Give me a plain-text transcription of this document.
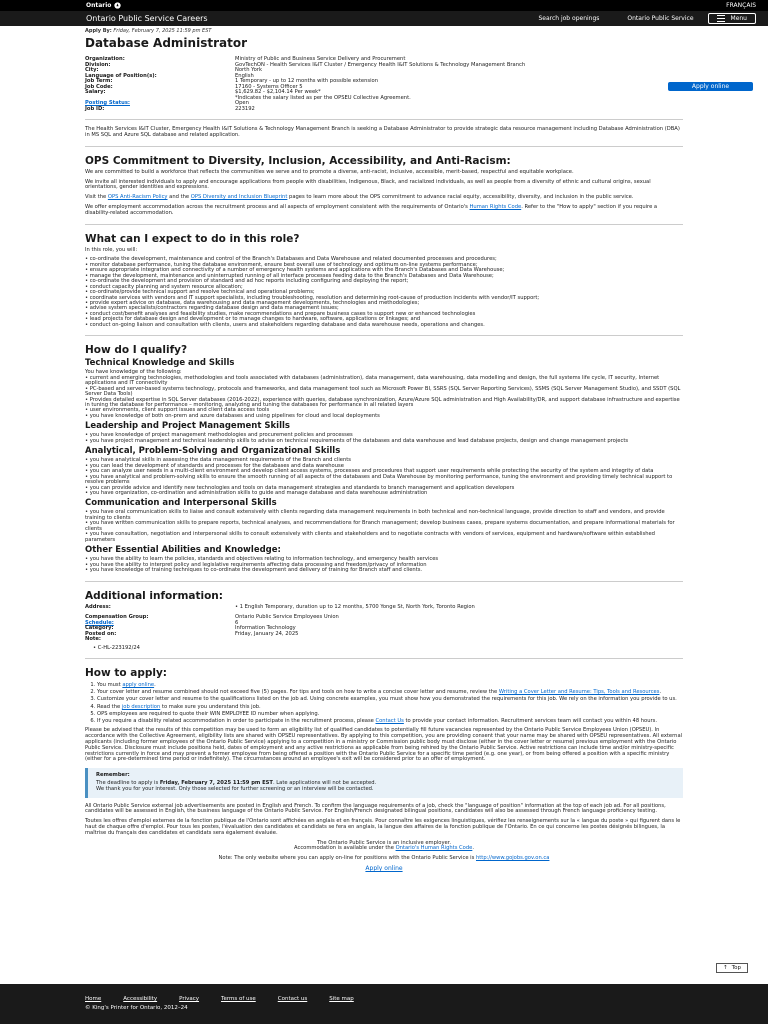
Ontario	FRANÇAIS
Ontario Public Service Careers	Search job openings	Ontario Public Service	Menu
Apply By: Friday, February 7, 2025 11:59 pm EST
Database Administrator
Organization:	Ministry of Public and Business Service Delivery and Procurement
Division:	GovTechON - Health Services I&IT Cluster / Emergency Health I&IT Solutions & Technology Management Branch
City:	North York
Language of Position(s):	English
Job Term:	1 Temporary - up to 12 months with possible extension
Job Code:	17160 - Systems Officer 5
Salary:	$1,629.82 - $2,104.14 Per week*
*Indicates the salary listed as per the OPSEU Collective Agreement.
Posting Status:	Open
Job ID:	223192

The Health Services I&IT Cluster, Emergency Health I&IT Solutions & Technology Management Branch is seeking a Database Administrator to provide strategic data resource management including Database Administration (DBA) in MS SQL and Azure SQL database and related application.

OPS Commitment to Diversity, Inclusion, Accessibility, and Anti-Racism:

We are committed to build a workforce that reflects the communities we serve and to promote a diverse, anti-racist, inclusive, accessible, merit-based, respectful and equitable workplace.

We invite all interested individuals to apply and encourage applications from people with disabilities, Indigenous, Black, and racialized individuals, as well as people from a diversity of ethnic and cultural origins, sexual orientations, gender identities and expressions.

Visit the OPS Anti-Racism Policy and the OPS Diversity and Inclusion Blueprint pages to learn more about the OPS commitment to advance racial equity, accessibility, diversity, and inclusion in the public service.

We offer employment accommodation across the recruitment process and all aspects of employment consistent with the requirements of Ontario's Human Rights Code. Refer to the "How to apply" section if you require a disability-related accommodation.

What can I expect to do in this role?

In this role, you will:

• co-ordinate the development, maintenance and control of the Branch's Databases and Data Warehouse and related documented processes and procedures;
• monitor database performance, tuning the database environment, ensure best overall use of technology and optimum on-line systems performance;
• ensure appropriate integration and connectivity of a number of emergency health systems and applications with the Branch's Databases and Data Warehouse;
• manage the development, maintenance and uninterrupted running of all interface processes feeding data to the Branch's Databases and Data Warehouse;
• co-ordinate the development and provision of standard and ad hoc reports including configuring and deploying the report;
• conduct capacity planning and system resource allocation;
• co-ordinate/provide technical support and resolve technical and operational problems;
• coordinate services with vendors and IT support specialists, including troubleshooting, resolution and determining root-cause of production incidents with vendor/IT support;
• provide expert advice on database, data warehousing and data management developments, technologies and methodologies;
• advise system specialists/contractors regarding database design and data management issues;
• conduct cost/benefit analyses and feasibility studies, make recommendations and prepare business cases to support new or enhanced technologies
• lead projects for database design and development or to manage changes to hardware, software, applications or linkages; and
• conduct on-going liaison and consultation with clients, users and stakeholders regarding database and data warehouse needs, operations and changes.
How do I qualify?
Technical Knowledge and Skills
You have knowledge of the following:
• current and emerging technologies, methodologies and tools associated with databases (administration), data management, data warehousing, data modelling and design, the full systems life cycle, IT security, Internet applications and IT connectivity
• PC-based and server-based systems technology, protocols and frameworks, and data management tool such as Microsoft Power BI, SSRS (SQL Server Reporting Services), SSMS (SQL Server Management Studio), and SSDT (SQL Server Data Tools)
• Provides detailed expertise in SQL Server databases (2016-2022), experience with queries, database synchronization, Azure/Azure SQL administration and High Availability/DR, and support database infrastructure and expertise in tuning the database for performance – monitoring, analyzing and tuning the databases for performance in all related layers
• user environments, client support issues and client data access tools
• you have knowledge of both on-prem and azure databases and using pipelines for cloud and local deployments
Leadership and Project Management Skills
• you have knowledge of project management methodologies and procurement policies and processes
• you have project management and technical leadership skills to advise on technical requirements of the databases and data warehouse and lead database projects, design and change management projects
Analytical, Problem-Solving and Organizational Skills
• you have analytical skills in assessing the data management requirements of the Branch and clients
• you can lead the development of standards and processes for the databases and data warehouse
• you can analyze user needs in a multi-client environment and develop client access systems, processes and procedures that support user requirements while protecting the security of the system and integrity of data
• you have analytical and problem-solving skills to ensure the smooth running of all aspects of the databases and Data Warehouse by monitoring performance, tuning the environment and providing timely technical support to resolve problems
• you can provide advice and identify new technologies and tools on data management strategies and standards to branch management and application developers
• you have organization, co-ordination and administration skills to guide and manage database and data warehouse administration
Communication and Interpersonal Skills
• you have oral communication skills to liaise and consult extensively with clients regarding data management requirements in both technical and non-technical language, provide direction to staff and vendors, and provide training to clients
• you have written communication skills to prepare reports, technical analyses, and recommendations for Branch management; develop business cases, prepare systems documentation, and prepare informational materials for clients
• you have consultation, negotiation and interpersonal skills to consult extensively with clients and stakeholders and to negotiate contracts with vendors of services, equipment and hardware/software within established parameters
Other Essential Abilities and Knowledge:
• you have the ability to learn the policies, standards and objectives relating to information technology, and emergency health services
• you have the ability to interpret policy and legislative requirements affecting data processing and freedom/privacy of information
• you have knowledge of training techniques to co-ordinate the development and delivery of training for Branch staff and clients.
Additional information:
Address:	• 1 English Temporary, duration up to 12 months, 5700 Yonge St, North York, Toronto Region
Compensation Group:	Ontario Public Service Employees Union
Schedule:	6
Category:	Information Technology
Posted on:	Friday, January 24, 2025
Note:
• C-HL-223192/24
How to apply:
1. You must apply online.
2. Your cover letter and resume combined should not exceed five (5) pages. For tips and tools on how to write a concise cover letter and resume, review the Writing a Cover Letter and Resume: Tips, Tools and Resources.
3. Customize your cover letter and resume to the qualifications listed on the job ad. Using concrete examples, you must show how you demonstrated the requirements for this job. We rely on the information you provide to us.
4. Read the job description to make sure you understand this job.
5. OPS employees are required to quote their WIN EMPLOYEE ID number when applying.
6. If you require a disability related accommodation in order to participate in the recruitment process, please Contact Us to provide your contact information. Recruitment services team will contact you within 48 hours.

Please be advised that the results of this competition may be used to form an eligibility list of qualified candidates to potentially fill future vacancies represented by the Ontario Public Service Employees Union (OPSEU). In accordance with the Collective Agreement, eligibility lists are shared with OPSEU representatives. By applying to this competition, you are providing consent that your name may be shared with OPSEU representatives. All external applicants (including former employees of the Ontario Public Service) applying to a competition in a ministry or Commission public body must disclose (either in the cover letter or resume) previous employment with the Ontario Public Service. Disclosure must include positions held, dates of employment and any active restrictions as applicable from being rehired by the Ontario Public Service. Active restrictions can include time and/or ministry-specific restrictions currently in force and may prevent a former employee from being offered a position with the Ontario Public Service for a specific time period (e.g. one year), or from being offered a position with a specific ministry (either for a pre-determined time period or indefinitely). The circumstances around an employee's exit will be considered prior to an offer of employment.

Remember:
The deadline to apply is Friday, February 7, 2025 11:59 pm EST. Late applications will not be accepted.
We thank you for your interest. Only those selected for further screening or an interview will be contacted.

All Ontario Public Service external job advertisements are posted in English and French. To confirm the language requirements of a job, check the "language of position" information at the top of each job ad. For all positions, candidates will be assessed in English, the business language of the Ontario Public Service. For English/French designated bilingual positions, candidates will also be assessed through French language proficiency testing.

Toutes les offres d'emploi externes de la fonction publique de l'Ontario sont affichées en anglais et en français. Pour connaître les exigences linguistiques, vérifiez les renseignements sur la « langue du poste » qui figurent dans le haut de chaque offre d'emploi. Pour tous les postes, l'évaluation des candidates et candidats se fera en anglais, la langue des affaires de la fonction publique de l'Ontario. En ce qui concerne les postes désignés bilingues, la maîtrise du français des candidates et candidats sera également évaluée.

The Ontario Public Service is an inclusive employer.

Accommodation is available under the Ontario's Human Rights Code.

Note: The only website where you can apply on-line for positions with the Ontario Public Service is http://www.gojobs.gov.on.ca

Apply online

Apply online
↑ Top
Home	Accessibility	Privacy	Terms of use	Contact us	Site map
© King's Printer for Ontario, 2012–24
